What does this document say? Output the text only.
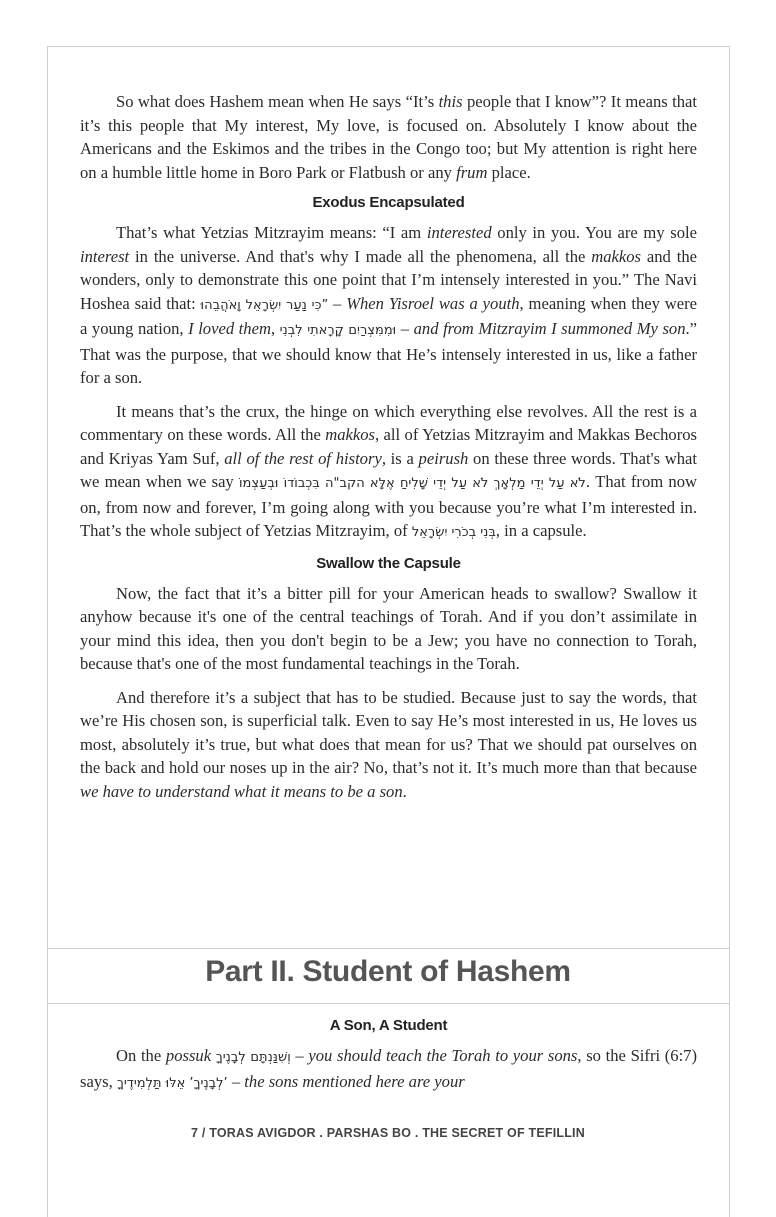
So what does Hashem mean when He says “It’s this people that I know”? It means that it’s this people that My interest, My love, is focused on. Absolutely I know about the Americans and the Eskimos and the tribes in the Congo too; but My attention is right here on a humble little home in Boro Park or Flatbush or any frum place.

Exodus Encapsulated

That’s what Yetzias Mitzrayim means: “I am interested only in you. You are my sole interest in the universe. And that's why I made all the phenomena, all the makkos and the wonders, only to demonstrate this one point that I’m intensely interested in you.” The Navi Hoshea said that: ”כִּי נַעַר יִשְׂרָאֵל וָאֹהֲבֵהוּ – When Yisroel was a youth, meaning when they were a young nation, I loved them, וּמִמִּצְרַיִם קָרָאתִי לִבְנִי – and from Mitzrayim I summoned My son.” That was the purpose, that we should know that He’s intensely interested in us, like a father for a son.

It means that’s the crux, the hinge on which everything else revolves. All the rest is a commentary on these words. All the makkos, all of Yetzias Mitzrayim and Makkas Bechoros and Kriyas Yam Suf, all of the rest of history, is a peirush on these three words. That's what we mean when we say לֹא עַל יְדֵי מַלְאָךְ לֹא עַל יְדֵי שָׁלִיחַ אֶלָּא הקב"ה בִּכְבוֹדוֹ וּבְעַצְמוֹ. That from now on, from now and forever, I’m going along with you because you’re what I’m interested in. That’s the whole subject of Yetzias Mitzrayim, of בְּנִי בְכֹרִי יִשְׂרָאֵל, in a capsule.

Swallow the Capsule

Now, the fact that it’s a bitter pill for your American heads to swallow? Swallow it anyhow because it's one of the central teachings of Torah. And if you don’t assimilate in your mind this idea, then you don't begin to be a Jew; you have no connection to Torah, because that's one of the most fundamental teachings in the Torah.

And therefore it’s a subject that has to be studied. Because just to say the words, that we’re His chosen son, is superficial talk. Even to say He’s most interested in us, He loves us most, absolutely it’s true, but what does that mean for us? That we should pat ourselves on the back and hold our noses up in the air? No, that’s not it. It’s much more than that because we have to understand what it means to be a son.

Part II. Student of Hashem
A Son, A Student

On the possuk וְשִׁנַּנְתָּם לְבָנֶיךָ – you should teach the Torah to your sons, so the Sifri (6:7) says, ’לְבָנֶיךָ’ אֵלּוּ תַּלְמִידֶיךָ – the sons mentioned here are your

7 / TORAS AVIGDOR . PARSHAS BO . THE SECRET OF TEFILLIN
